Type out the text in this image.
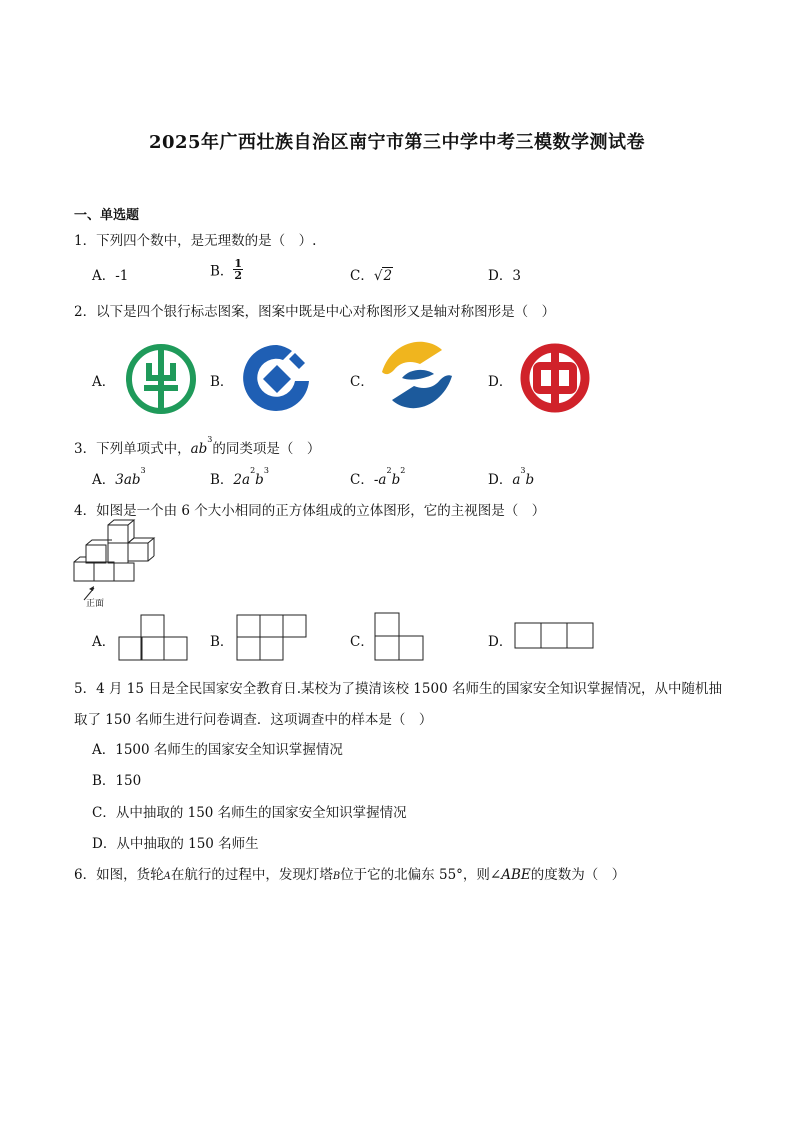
2025年广西壮族自治区南宁市第三中学中考三模数学测试卷
一、单选题
1．下列四个数中，是无理数的是（　）.
A．-1	B． $\frac{1}{2}$	C．√2	D．3
2．以下是四个银行标志图案，图案中既是中心对称图形又是轴对称图形是（　）
A．	B．	C．	D．
3．下列单项式中，$ab^3$的同类项是（　）
A．$3ab^3$
B．$2a^2b^3$
C．$-a^2b^2$
D．$a^3b$
4．如图是一个由 6 个大小相同的正方体组成的立体图形，它的主视图是（　）
正面
A．	B．	C．	D．
5．4 月 15 日是全民国家安全教育日.某校为了摸清该校 1500 名师生的国家安全知识掌握情况，从中随机抽
取了 150 名师生进行问卷调查．这项调查中的样本是（　）
A．1500 名师生的国家安全知识掌握情况
B．150
C．从中抽取的 150 名师生的国家安全知识掌握情况
D．从中抽取的 150 名师生
6．如图，货轮A在航行的过程中，发现灯塔B位于它的北偏东 55°，则∠ABE的度数为（　）
